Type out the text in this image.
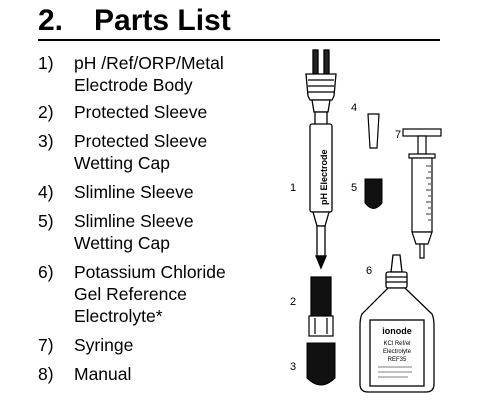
2. Parts List
1) pH /Ref/ORP/Metal
Electrode Body
2) Protected Sleeve
3) Protected Sleeve
Wetting Cap
4) Slimline Sleeve
5) Slimline Sleeve
Wetting Cap
6) Potassium Chloride
Gel Reference
Electrolyte*
7) Syringe
8) Manual
pH Electrode
ionode
KCl Ref/el
Electrolyte
REF35
1
2
3
4
5
6
7
